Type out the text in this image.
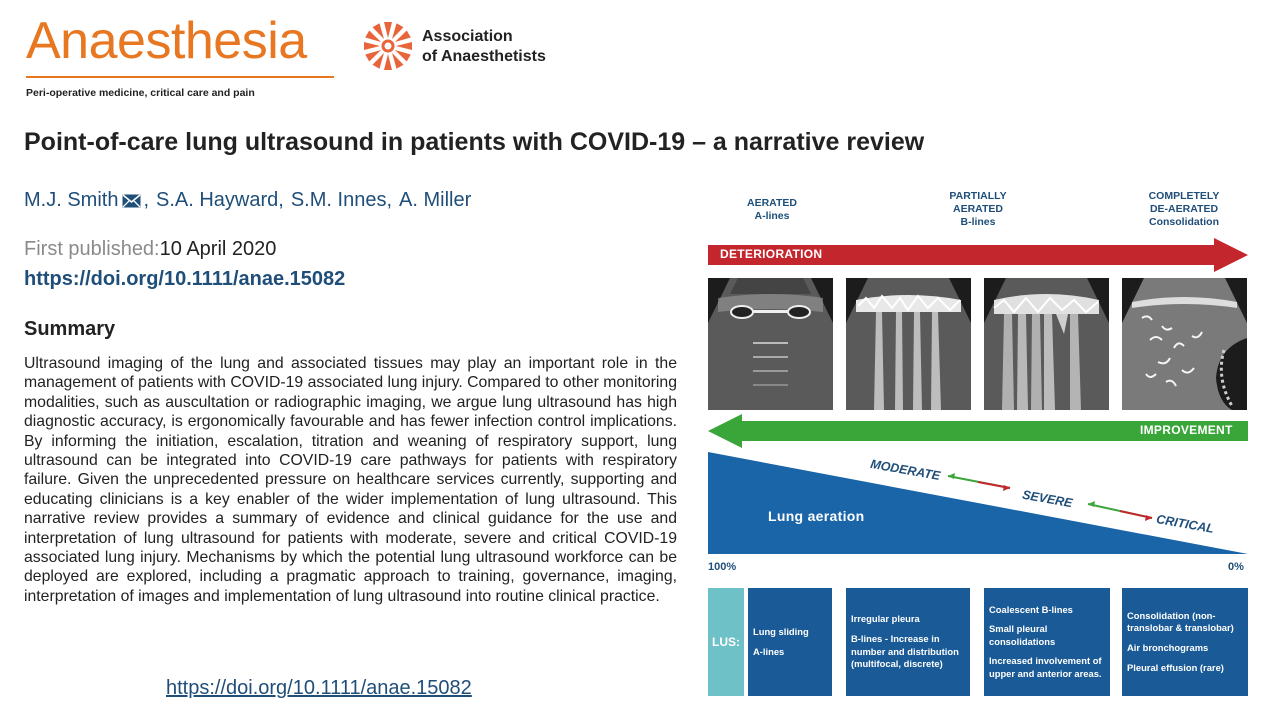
Anaesthesia
Peri-operative medicine, critical care and pain
Association
of Anaesthetists
Point-of-care lung ultrasound in patients with COVID-19 – a narrative review
M.J. Smith , S.A. Hayward , S.M. Innes , A. Miller
First published:10 April 2020
https://doi.org/10.1111/anae.15082
Summary
Ultrasound imaging of the lung and associated tissues may play an important role in the management of patients with COVID-19 associated lung injury. Compared to other monitoring modalities, such as auscultation or radiographic imaging, we argue lung ultrasound has high diagnostic accuracy, is ergonomically favourable and has fewer infection control implications. By informing the initiation, escalation, titration and weaning of respiratory support, lung ultrasound can be integrated into COVID-19 care pathways for patients with respiratory failure. Given the unprecedented pressure on healthcare services currently, supporting and educating clinicians is a key enabler of the wider implementation of lung ultrasound. This narrative review provides a summary of evidence and clinical guidance for the use and interpretation of lung ultrasound for patients with moderate, severe and critical COVID-19 associated lung injury. Mechanisms by which the potential lung ultrasound workforce can be deployed are explored, including a pragmatic approach to training, governance, imaging, interpretation of images and implementation of lung ultrasound into routine clinical practice.
https://doi.org/10.1111/anae.15082
AERATED
A-lines
PARTIALLY
AERATED
B-lines
COMPLETELY
DE-AERATED
Consolidation
DETERIORATION
IMPROVEMENT
Lung aeration
MODERATE
SEVERE
CRITICAL
100%	0%
LUS:
Lung sliding
A-lines
Irregular pleura
B-lines - Increase in number and distribution (multifocal, discrete)
Coalescent B-lines
Small pleural consolidations
Increased involvement of upper and anterior areas.
Consolidation (non-translobar & translobar)
Air bronchograms
Pleural effusion (rare)
